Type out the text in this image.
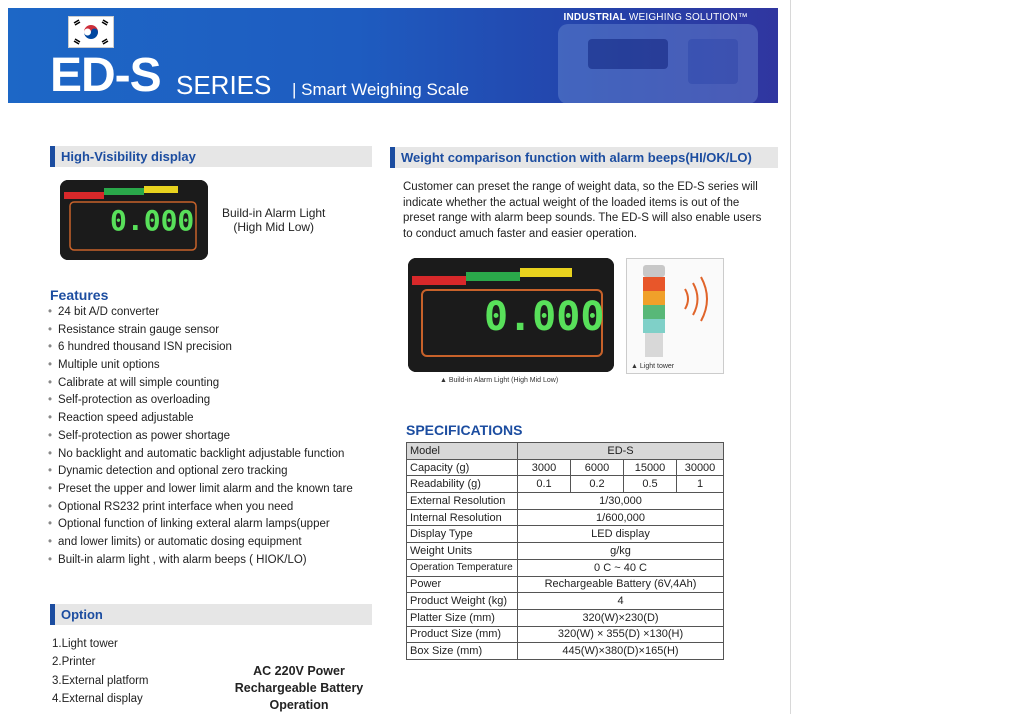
INDUSTRIAL WEIGHING SOLUTION™
ED-S SERIES | Smart Weighing Scale
High-Visibility display
0.000 Build-in Alarm Light
(High Mid Low)
Features
• 24 bit A/D converter
• Resistance strain gauge sensor
• 6 hundred thousand ISN precision
• Multiple unit options
• Calibrate at will simple counting
• Self-protection as overloading
• Reaction speed adjustable
• Self-protection as power shortage
• No backlight and automatic backlight adjustable function
• Dynamic detection and optional zero tracking
• Preset the upper and lower limit alarm and the known tare
• Optional RS232 print interface when you need
• Optional function of linking exteral alarm lamps(upper
• and lower limits) or automatic dosing equipment
• Built-in alarm light , with alarm beeps ( HIOK/LO)
Option
1.Light tower
2.Printer
3.External platform
4.External display
AC 220V Power
Rechargeable Battery
Operation
Weight comparison function with alarm beeps(HI/OK/LO)
Customer can preset the range of weight data, so the ED-S series will indicate whether the actual weight of the loaded items is out of the preset range with alarm beep sounds. The ED-S will also enable users to conduct amuch faster and easier operation.
0.000
▲ Build-in Alarm Light (High Mid Low)
▲ Light tower
SPECIFICATIONS
Model	ED-S			
Capacity (g)	3000	6000	15000	30000
Readability (g)	0.1	0.2	0.5	1
External Resolution	1/30,000			
Internal Resolution	1/600,000			
Display Type	LED display			
Weight Units	g/kg			
Operation Temperature	0 C ~ 40 C			
Power	Rechargeable Battery (6V,4Ah)			
Product Weight (kg)	4			
Platter Size (mm)	320(W)×230(D)			
Product Size (mm)	320(W) × 355(D) ×130(H)			
Box Size (mm)	445(W)×380(D)×165(H)			
